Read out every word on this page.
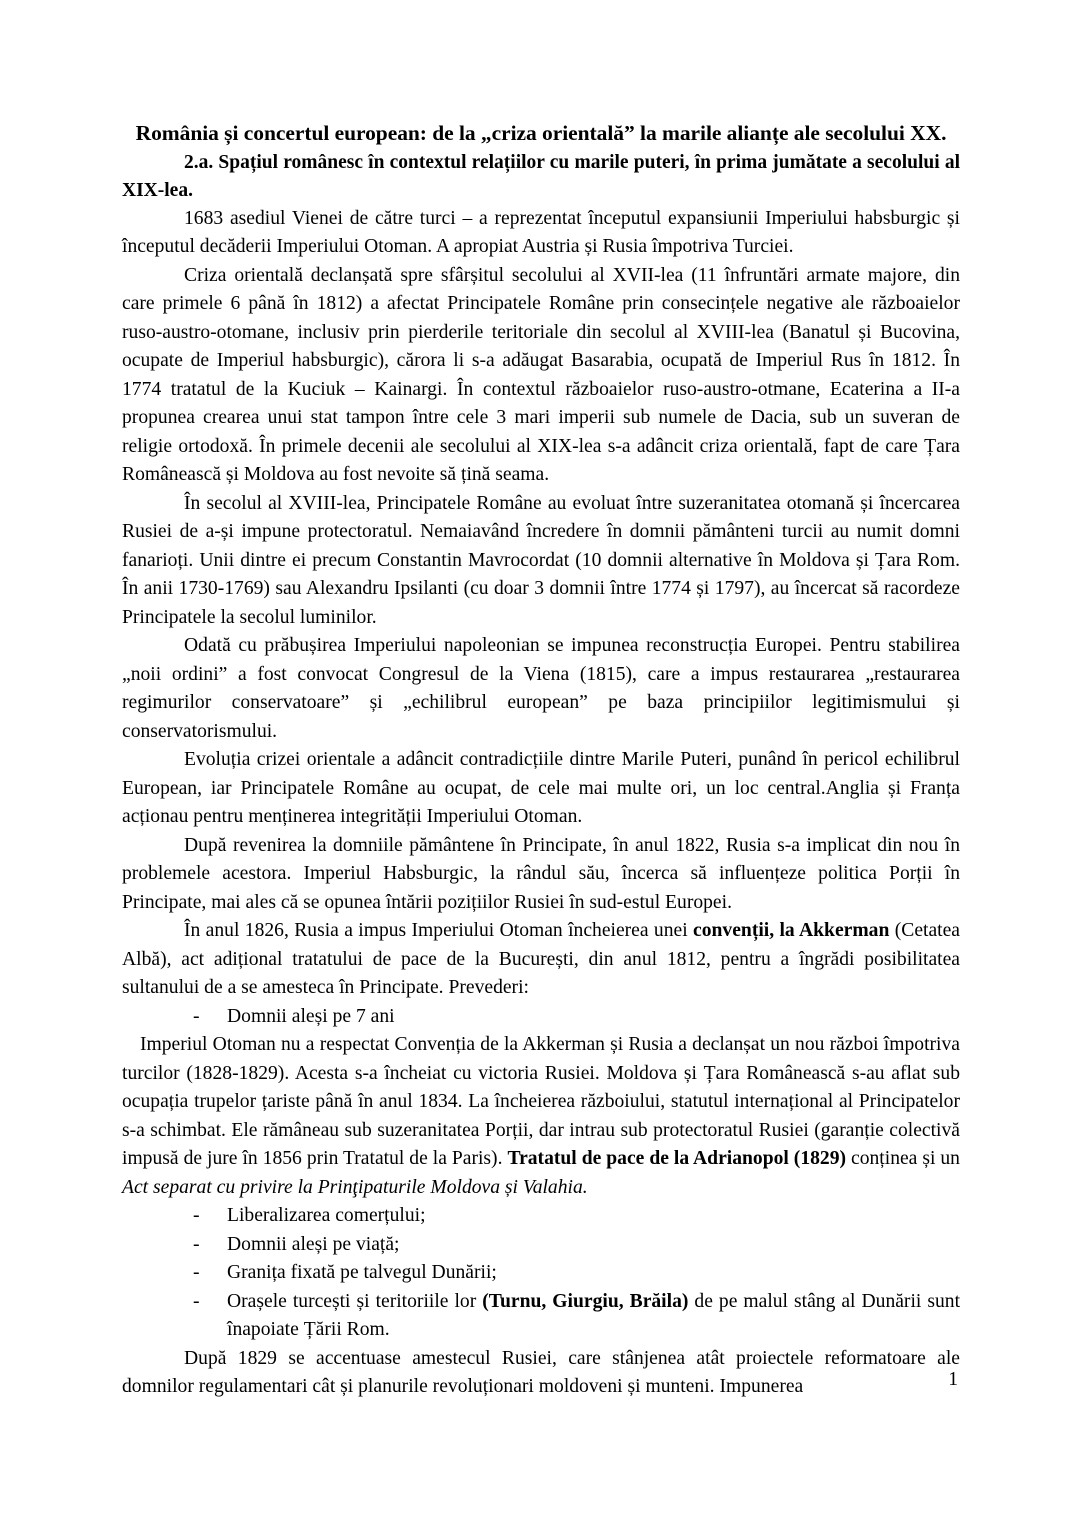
România și concertul european: de la „criza orientală” la marile alianțe ale secolului XX.

2.a. Spațiul românesc în contextul relațiilor cu marile puteri, în prima jumătate a secolului al XIX-lea.

1683 asediul Vienei de către turci – a reprezentat începutul expansiunii Imperiului habsburgic și începutul decăderii Imperiului Otoman. A apropiat Austria și Rusia împotriva Turciei.

Criza orientală declanșată spre sfârșitul secolului al XVII-lea (11 înfruntări armate majore, din care primele 6 până în 1812) a afectat Principatele Române prin consecințele negative ale războaielor ruso-austro-otomane, inclusiv prin pierderile teritoriale din secolul al XVIII-lea (Banatul și Bucovina, ocupate de Imperiul habsburgic), cărora li s-a adăugat Basarabia, ocupată de Imperiul Rus în 1812. În 1774 tratatul de la Kuciuk – Kainargi. În contextul războaielor ruso-austro-otmane, Ecaterina a II-a propunea crearea unui stat tampon între cele 3 mari imperii sub numele de Dacia, sub un suveran de religie ortodoxă. În primele decenii ale secolului al XIX-lea s-a adâncit criza orientală, fapt de care Țara Românească și Moldova au fost nevoite să țină seama.

În secolul al XVIII-lea, Principatele Române au evoluat între suzeranitatea otomană și încercarea Rusiei de a-și impune protectoratul. Nemaiavând încredere în domnii pământeni turcii au numit domni fanarioți. Unii dintre ei precum Constantin Mavrocordat (10 domnii alternative în Moldova și Țara Rom. În anii 1730-1769) sau Alexandru Ipsilanti (cu doar 3 domnii între 1774 și 1797), au încercat să racordeze Principatele la secolul luminilor.

Odată cu prăbușirea Imperiului napoleonian se impunea reconstrucția Europei. Pentru stabilirea „noii ordini” a fost convocat Congresul de la Viena (1815), care a impus restaurarea „restaurarea regimurilor conservatoare” și „echilibrul european” pe baza principiilor legitimismului și conservatorismului.

Evoluția crizei orientale a adâncit contradicțiile dintre Marile Puteri, punând în pericol echilibrul European, iar Principatele Române au ocupat, de cele mai multe ori, un loc central.Anglia și Franța acționau pentru menținerea integrității Imperiului Otoman.

După revenirea la domniile pământene în Principate, în anul 1822, Rusia s-a implicat din nou în problemele acestora. Imperiul Habsburgic, la rândul său, încerca să influențeze politica Porții în Principate, mai ales că se opunea întării pozițiilor Rusiei în sud-estul Europei.

În anul 1826, Rusia a impus Imperiului Otoman încheierea unei convenții, la Akkerman (Cetatea Albă), act adițional tratatului de pace de la București, din anul 1812, pentru a îngrădi posibilitatea sultanului de a se amesteca în Principate. Prevederi:

- Domnii aleși pe 7 ani

Imperiul Otoman nu a respectat Convenția de la Akkerman și Rusia a declanșat un nou război împotriva turcilor (1828-1829). Acesta s-a încheiat cu victoria Rusiei. Moldova și Țara Românească s-au aflat sub ocupația trupelor țariste până în anul 1834. La încheierea războiului, statutul internațional al Principatelor s-a schimbat. Ele rămâneau sub suzeranitatea Porții, dar intrau sub protectoratul Rusiei (garanție colectivă impusă de jure în 1856 prin Tratatul de la Paris). Tratatul de pace de la Adrianopol (1829) conținea și un Act separat cu privire la Prinţipaturile Moldova și Valahia.

- Liberalizarea comerțului;
- Domnii aleși pe viață;
- Granița fixată pe talvegul Dunării;
- Orașele turcești și teritoriile lor (Turnu, Giurgiu, Brăila) de pe malul stâng al Dunării sunt înapoiate Țării Rom.

După 1829 se accentuase amestecul Rusiei, care stânjenea atât proiectele reformatoare ale domnilor regulamentari cât și planurile revoluționari moldoveni și munteni. Impunerea	1
